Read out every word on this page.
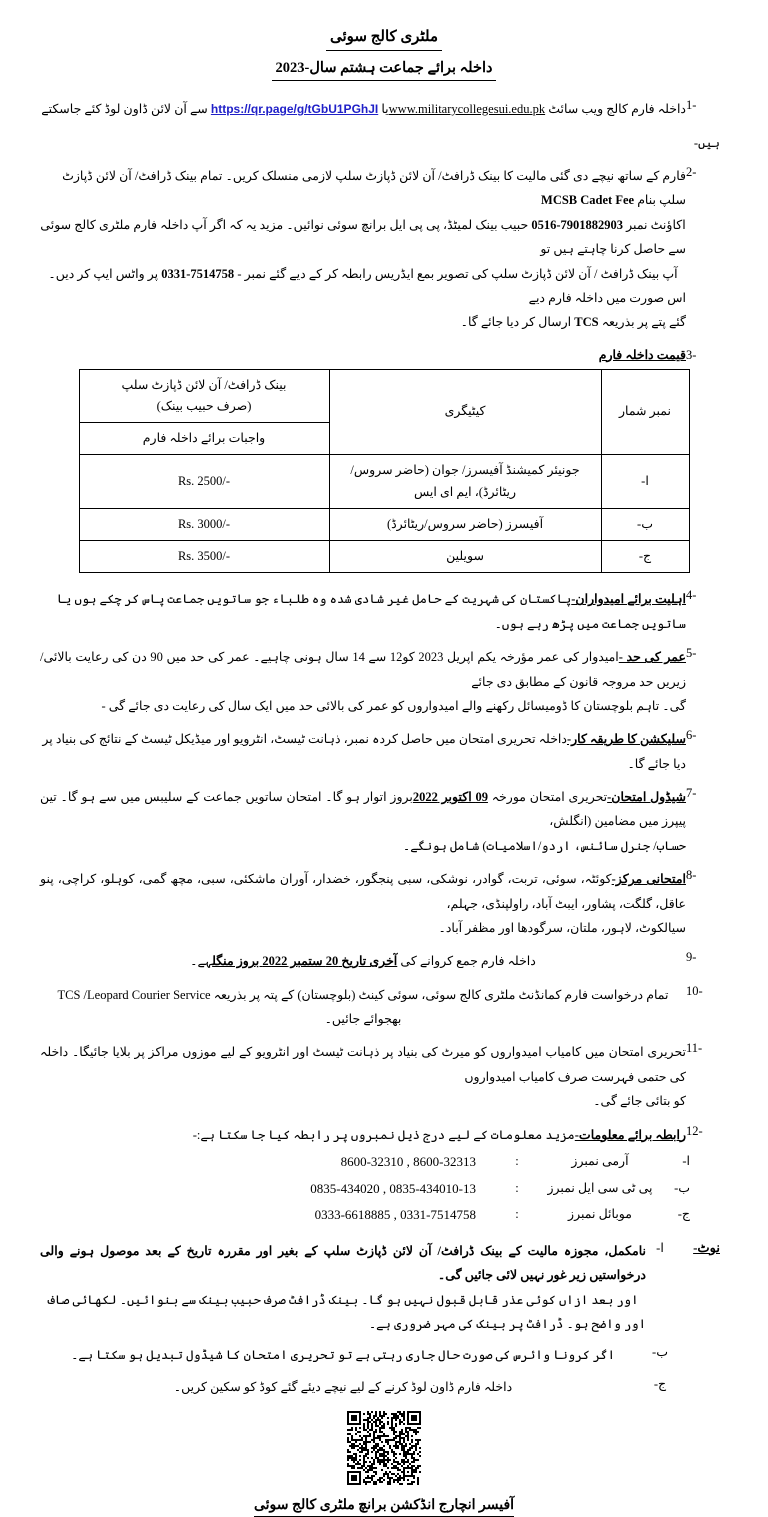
ملٹری کالج سوئی
داخلہ برائے جماعت ہشتم سال-2023
1-
داخلہ فارم کالج ویب سائٹ www.militarycollegesui.edu.pkیا https://qr.page/g/tGbU1PGhJI سے آن لائن ڈاون لوڈ کئے جاسکتے
ہیں-
2-
فارم کے ساتھ نیچے دی گئی مالیت کا بینک ڈرافٹ/ آن لائن ڈپازٹ سلپ لازمی منسلک کریں۔ تمام بینک ڈرافٹ/ آن لائن ڈپازٹ سلپ بنام MCSB Cadet Fee
اکاؤنٹ نمبر 0516-7901882903 حبیب بینک لمیٹڈ، پی پی ایل برانچ سوئی نوائیں۔ مزید یہ کہ اگر آپ داخلہ فارم ملٹری کالج سوئی سے حاصل کرنا چاہتے ہیں تو
آپ بینک ڈرافٹ / آن لائن ڈپازٹ سلپ کی تصویر بمع ایڈریس رابطہ کر کے دیے گئے نمبر - 0331-7514758 پر واٹس ایپ کر دیں۔ اس صورت میں داخلہ فارم دیے
گئے پتے پر بذریعہ TCS ارسال کر دیا جائے گا۔
3-
قیمت داخلہ فارم
نمبر شمار	کیٹیگری	بینک ڈرافٹ/ آن لائن ڈپازٹ سلپ
(صرف حبیب بینک)

		واجبات برائے داخلہ فارم
ا-	جونیئر کمیشنڈ آفیسرز/ جوان (حاضر سروس/ریٹائرڈ)، ایم ای ایس	Rs. 2500/-
ب-	آفیسرز (حاضر سروس/ریٹائرڈ)	Rs. 3000/-
ج-	سویلین	Rs. 3500/-
4-
اہلیت برائے امیدواران-پاکستان کی شہریت کے حامل غیر شادی شدہ وہ طلباء جو ساتویں جماعت پاس کر چکے ہوں یا ساتویں جماعت میں پڑھ رہے ہوں۔
5-
عمر کی حد -امیدوار کی عمر مؤرخہ یکم اپریل 2023 کو12 سے 14 سال ہونی چاہیے۔ عمر کی حد میں 90 دن کی رعایت بالائی/زیریں حد مروجہ قانون کے مطابق دی جائے
گی۔ تاہم بلوچستان کا ڈومیسائل رکھنے والے امیدواروں کو عمر کی بالائی حد میں ایک سال کی رعایت دی جائے گی -
6-
سلیکشن کا طریقہ کار-داخلہ تحریری امتحان میں حاصل کردہ نمبر، ذہانت ٹیسٹ، انٹرویو اور میڈیکل ٹیسٹ کے نتائج کی بنیاد پر دیا جائے گا۔
7-
شیڈول امتحان-تحریری امتحان مورخہ 09 اکتوبر 2022بروز اتوار ہو گا۔ امتحان ساتویں جماعت کے سلیبس میں سے ہو گا۔ تین پیپرز میں مضامین (انگلش،
حساب/ جنرل سائنس، اردو/اسلامیات) شامل ہونگے۔
8-
امتحانی مرکز-کوئٹہ، سوئی، تربت، گوادر، نوشکی، سبی پنجگور، خضدار، آوران ماشکئی، سبی، مچھ گمی، کوہلو، کراچی، پنو عاقل، گلگت، پشاور، ایبٹ آباد، راولپنڈی، جہلم،
سیالکوٹ، لاہور، ملتان، سرگودھا اور مظفر آباد۔
9-
داخلہ فارم جمع کروانے کی آخری تاریخ 20 ستمبر 2022 بروز منگلہے۔
10-
تمام درخواست فارم کمانڈنٹ ملٹری کالج سوئی، سوئی کینٹ (بلوچستان) کے پتہ پر بذریعہ TCS /Leopard Courier Service بھجوائے جائیں۔
11-
تحریری امتحان میں کامیاب امیدواروں کو میرٹ کی بنیاد پر ذہانت ٹیسٹ اور انٹرویو کے لیے موزوں مراکز پر بلایا جائیگا۔ داخلہ کی حتمی فہرست صرف کامیاب امیدواروں
کو بتائی جائے گی۔
12-
رابطہ برائے معلومات-مزید معلومات کے لیے درج ذیل نمبروں پر رابطہ کیا جا سکتا ہے:-
ا-
آرمی نمبرز
:
8600-32310 , 8600-32313
ب-
پی ٹی سی ایل نمبرز
:
0835-434020 , 0835-434010-13
ج-
موبائل نمبرز
:
0333-6618885 , 0331-7514758
نوٹ-
ا-
نامکمل، مجوزہ مالیت کے بینک ڈرافٹ/ آن لائن ڈپازٹ سلپ کے بغیر اور مقررہ تاریخ کے بعد موصول ہونے والی درخواستیں زیر غور نہیں لائی جائیں گی۔
اور بعد ازاں کوئی عذر قابل قبول نہیں ہو گا۔ بینک ڈرافٹ صرف حبیب بینک سے بنوائیں۔ لکھائی صاف اور واضح ہو۔ ڈرافٹ پر بینک کی مہر ضروری ہے۔
ب-
اگر کرونا وائرس کی صورت حال جاری رہتی ہے تو تحریری امتحان کا شیڈول تبدیل ہو سکتا ہے۔
ج-
داخلہ فارم ڈاون لوڈ کرنے کے لیے نیچے دیئے گئے کوڈ کو سکین کریں۔
آفیسر انچارج انڈکشن برانچ ملٹری کالج سوئی
